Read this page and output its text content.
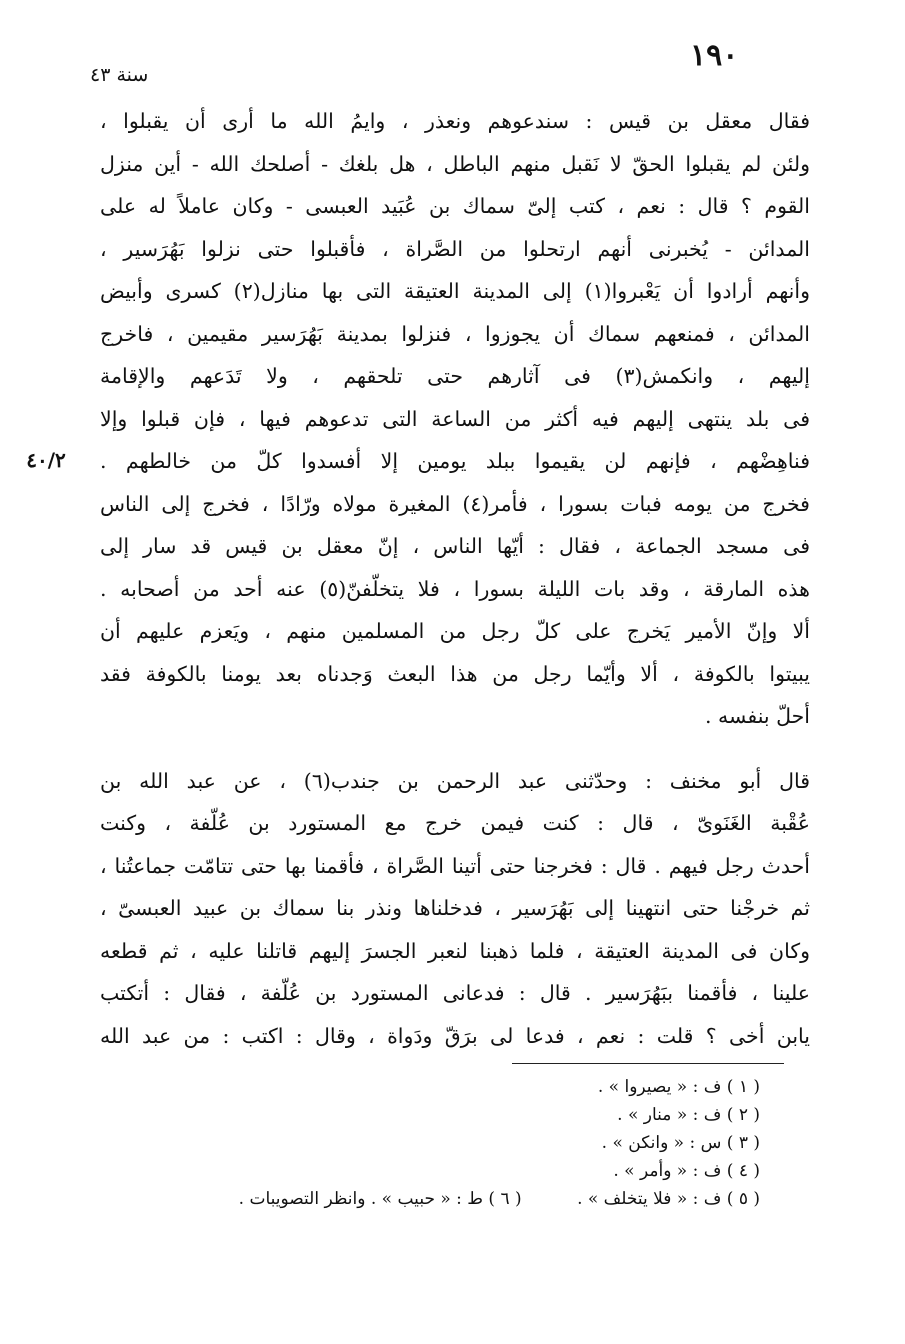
١٩٠
سنة ٤٣
٤٠/٢
فقال معقل بن قيس : سندعوهم ونعذر ، وايمُ الله ما أرى أن يقبلوا ،
ولئن لم يقبلوا الحقّ لا نَقبل منهم الباطل ، هل بلغك - أصلحك الله - أين منزل
القوم ؟ قال : نعم ، كتب إلىّ سماك بن عُبَيد العبسى - وكان عاملاً له على
المدائن - يُخبرنى أنهم ارتحلوا من الصَّراة ، فأقبلوا حتى نزلوا بَهُرَسير ،
وأنهم أرادوا أن يَعْبروا(١) إلى المدينة العتيقة التى بها منازل(٢) كسرى وأبيض
المدائن ، فمنعهم سماك أن يجوزوا ، فنزلوا بمدينة بَهُرَسير مقيمين ، فاخرج
إليهم ، وانكمش(٣) فى آثارهم حتى تلحقهم ، ولا تَدَعهم والإقامة
فى بلد ينتهى إليهم فيه أكثر من الساعة التى تدعوهم فيها ، فإن قبلوا وإلا
فناهِضْهم ، فإنهم لن يقيموا ببلد يومين إلا أفسدوا كلّ من خالطهم .
فخرج من يومه فبات بسورا ، فأمر(٤) المغيرة مولاه ورّادًا ، فخرج إلى الناس
فى مسجد الجماعة ، فقال : أيّها الناس ، إنّ معقل بن قيس قد سار إلى
هذه المارقة ، وقد بات الليلة بسورا ، فلا يتخلّفنّ(٥) عنه أحد من أصحابه .
ألا وإنّ الأمير يَخرج على كلّ رجل من المسلمين منهم ، ويَعزم عليهم أن
يبيتوا بالكوفة ، ألا وأيّما رجل من هذا البعث وَجدناه بعد يومنا بالكوفة فقد
أحلّ بنفسه .
قال أبو مخنف : وحدّثنى عبد الرحمن بن جندب(٦) ، عن عبد الله بن
عُقْبة الغَنَوىّ ، قال : كنت فيمن خرج مع المستورد بن عُلّفة ، وكنت
أحدث رجل فيهم . قال : فخرجنا حتى أتينا الصَّراة ، فأقمنا بها حتى تتامّت جماعتُنا ،
ثم خرجْنا حتى انتهينا إلى بَهُرَسير ، فدخلناها ونذر بنا سماك بن عبيد العبسىّ ،
وكان فى المدينة العتيقة ، فلما ذهبنا لنعبر الجسرَ إليهم قاتلنا عليه ، ثم قطعه
علينا ، فأقمنا ببَهُرَسير . قال : فدعانى المستورد بن عُلّفة ، فقال : أتكتب
يابن أخى ؟ قلت : نعم ، فدعا لى برَقّ ودَواة ، وقال : اكتب : من عبد الله
( ١ ) ف : « يصيروا » .
( ٢ ) ف : « منار » .
( ٣ ) س : « وانكن » .
( ٤ ) ف : « وأمر » .
( ٥ ) ف : « فلا يتخلف » . ( ٦ ) ط : « حبيب » . وانظر التصويبات .
